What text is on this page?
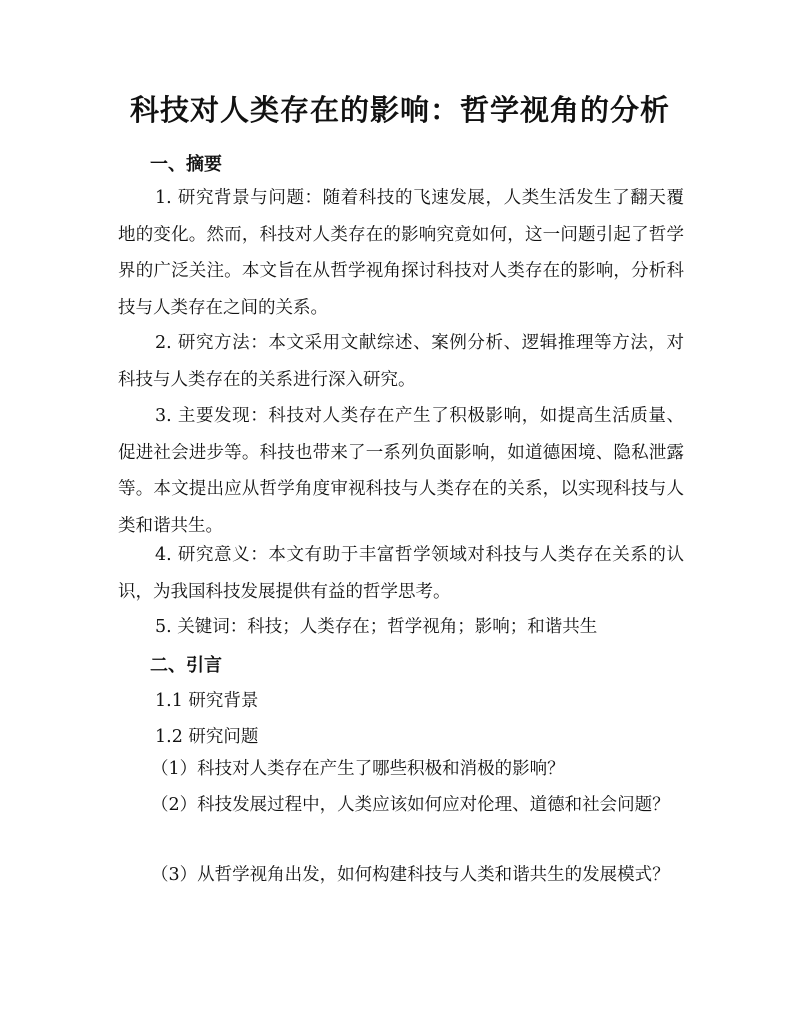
科技对人类存在的影响：哲学视角的分析
一、摘要

1. 研究背景与问题：随着科技的飞速发展，人类生活发生了翻天覆地的变化。然而，科技对人类存在的影响究竟如何，这一问题引起了哲学界的广泛关注。本文旨在从哲学视角探讨科技对人类存在的影响，分析科技与人类存在之间的关系。

2. 研究方法：本文采用文献综述、案例分析、逻辑推理等方法，对科技与人类存在的关系进行深入研究。

3. 主要发现：科技对人类存在产生了积极影响，如提高生活质量、促进社会进步等。科技也带来了一系列负面影响，如道德困境、隐私泄露等。本文提出应从哲学角度审视科技与人类存在的关系，以实现科技与人类和谐共生。

4. 研究意义：本文有助于丰富哲学领域对科技与人类存在关系的认识，为我国科技发展提供有益的哲学思考。

5. 关键词：科技；人类存在；哲学视角；影响；和谐共生

二、引言

1.1 研究背景

1.2 研究问题

（1）科技对人类存在产生了哪些积极和消极的影响？

（2）科技发展过程中，人类应该如何应对伦理、道德和社会问题？

（3）从哲学视角出发，如何构建科技与人类和谐共生的发展模式？
